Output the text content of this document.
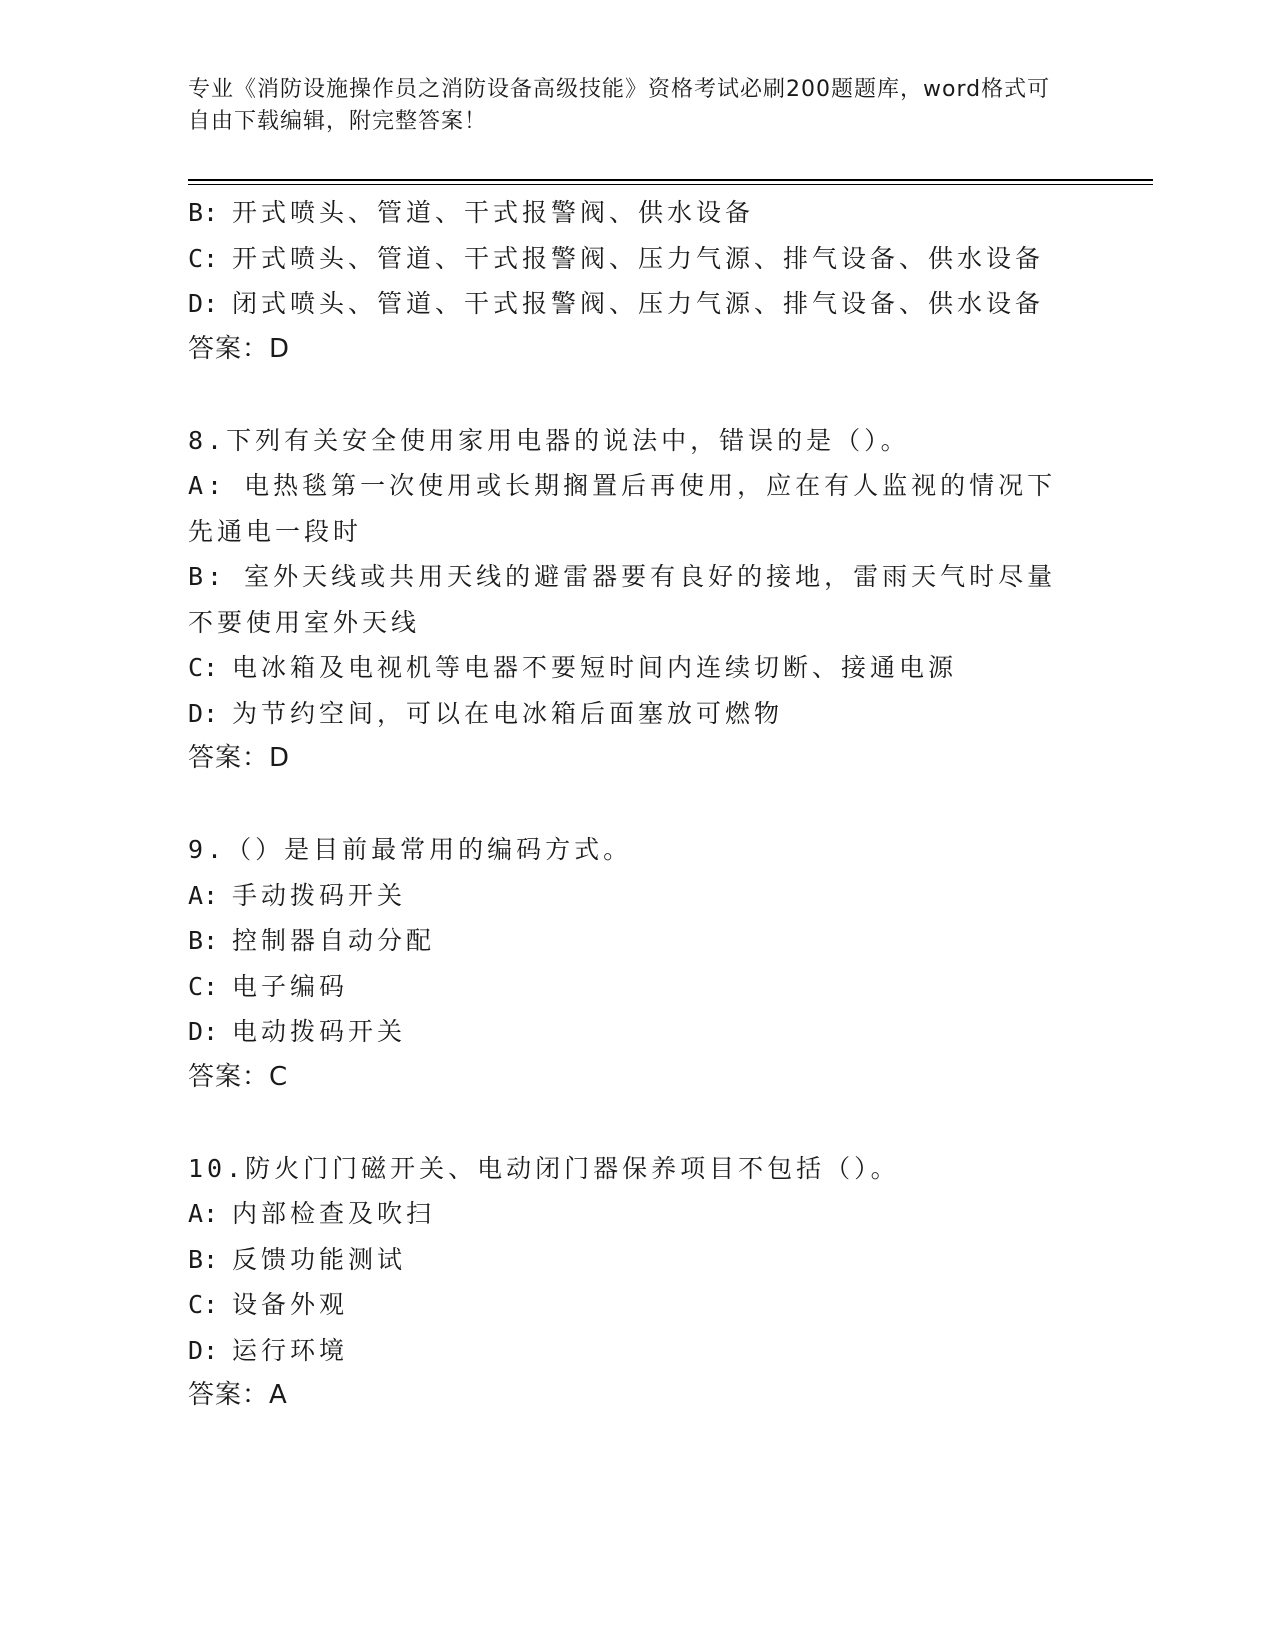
专业《消防设施操作员之消防设备高级技能》资格考试必刷200题题库，word格式可自由下载编辑，附完整答案！
B: 开式喷头、管道、干式报警阀、供水设备
C: 开式喷头、管道、干式报警阀、压力气源、排气设备、供水设备
D: 闭式喷头、管道、干式报警阀、压力气源、排气设备、供水设备
答案：D
8.下列有关安全使用家用电器的说法中，错误的是（）。
A: 电热毯第一次使用或长期搁置后再使用，应在有人监视的情况下先通电一段时
B: 室外天线或共用天线的避雷器要有良好的接地，雷雨天气时尽量不要使用室外天线
C: 电冰箱及电视机等电器不要短时间内连续切断、接通电源
D: 为节约空间，可以在电冰箱后面塞放可燃物
答案：D
9.（）是目前最常用的编码方式。
A: 手动拨码开关
B: 控制器自动分配
C: 电子编码
D: 电动拨码开关
答案：C
10.防火门门磁开关、电动闭门器保养项目不包括（）。
A: 内部检查及吹扫
B: 反馈功能测试
C: 设备外观
D: 运行环境
答案：A
